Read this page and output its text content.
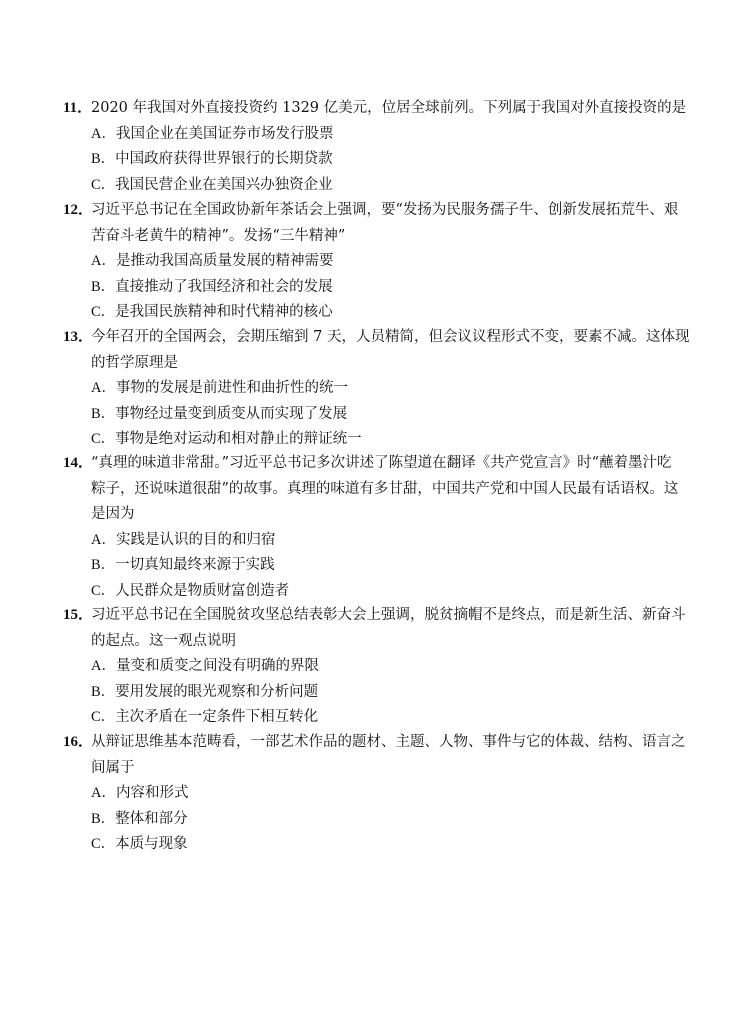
11．2020 年我国对外直接投资约 1329 亿美元，位居全球前列。下列属于我国对外直接投资的是
A．我国企业在美国证券市场发行股票
B．中国政府获得世界银行的长期贷款
C．我国民营企业在美国兴办独资企业
12．习近平总书记在全国政协新年茶话会上强调，要“发扬为民服务孺子牛、创新发展拓荒牛、艰
苦奋斗老黄牛的精神”。发扬“三牛精神”
A．是推动我国高质量发展的精神需要
B．直接推动了我国经济和社会的发展
C．是我国民族精神和时代精神的核心
13．今年召开的全国两会，会期压缩到 7 天，人员精简，但会议议程形式不变，要素不减。这体现
的哲学原理是
A．事物的发展是前进性和曲折性的统一
B．事物经过量变到质变从而实现了发展
C．事物是绝对运动和相对静止的辩证统一
14．“真理的味道非常甜。”习近平总书记多次讲述了陈望道在翻译《共产党宣言》时“蘸着墨汁吃
粽子，还说味道很甜”的故事。真理的味道有多甘甜，中国共产党和中国人民最有话语权。这
是因为
A．实践是认识的目的和归宿
B．一切真知最终来源于实践
C．人民群众是物质财富创造者
15．习近平总书记在全国脱贫攻坚总结表彰大会上强调，脱贫摘帽不是终点，而是新生活、新奋斗
的起点。这一观点说明
A．量变和质变之间没有明确的界限
B．要用发展的眼光观察和分析问题
C．主次矛盾在一定条件下相互转化
16．从辩证思维基本范畴看，一部艺术作品的题材、主题、人物、事件与它的体裁、结构、语言之
间属于
A．内容和形式
B．整体和部分
C．本质与现象
